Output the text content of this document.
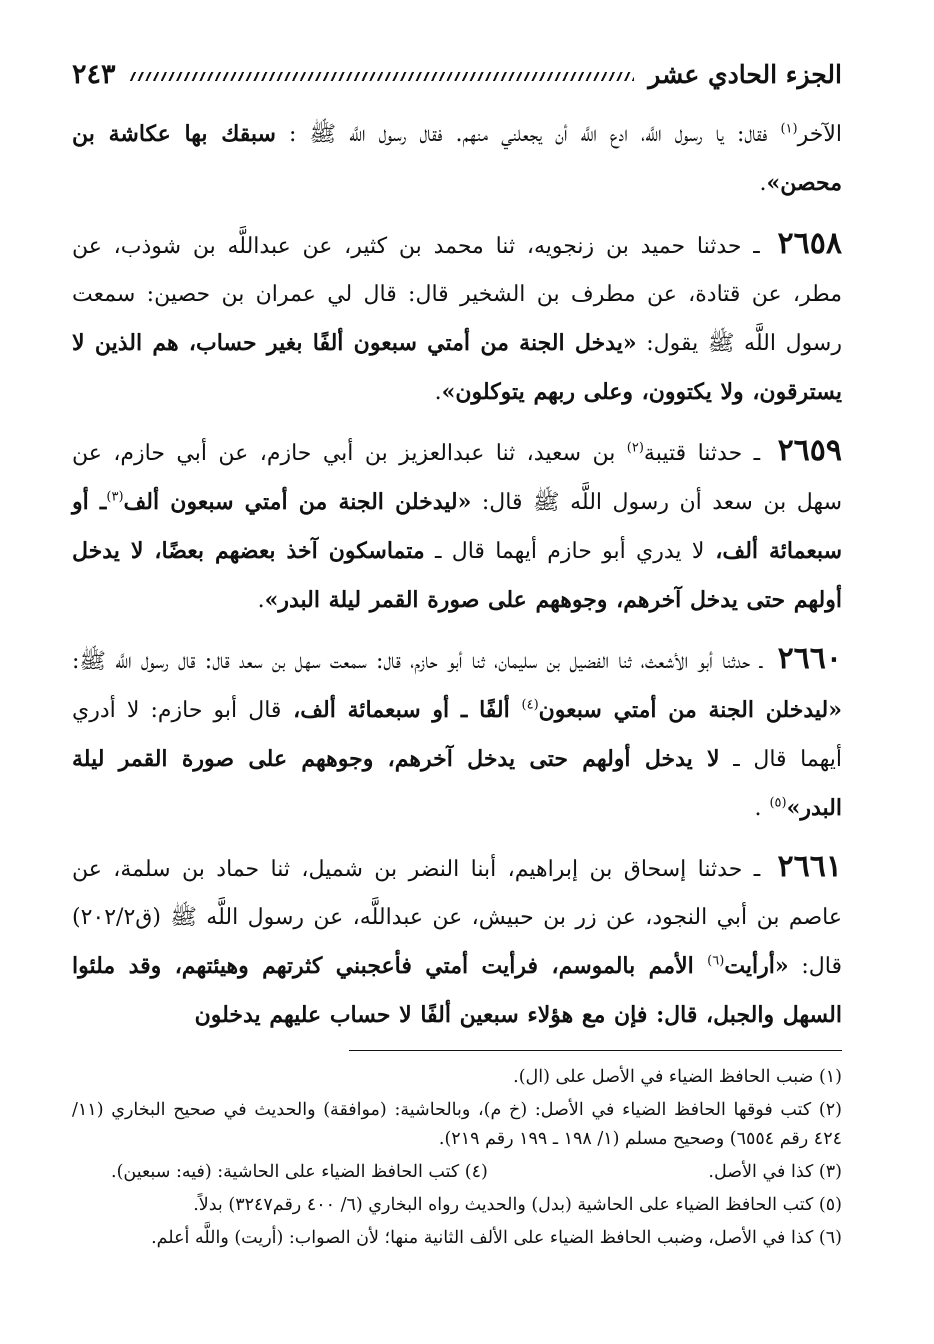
الجزء الحادي عشر
٢٤٣

الآخر$^{(١)}$ فقال: يا رسول اللَّه، ادع اللَّه أن يجعلني منهم. فقال رسول اللَّه ﷺ : سبقك بها عكاشة بن محصن».

٢٦٥٨ ـ حدثنا حميد بن زنجويه، ثنا محمد بن كثير، عن عبداللَّه بن شوذب، عن مطر، عن قتادة، عن مطرف بن الشخير قال: قال لي عمران بن حصين: سمعت رسول اللَّه ﷺ يقول: «يدخل الجنة من أمتي سبعون ألفًا بغير حساب، هم الذين لا يسترقون، ولا يكتوون، وعلى ربهم يتوكلون».

٢٦٥٩ ـ حدثنا قتيبة$^{(٢)}$ بن سعيد، ثنا عبدالعزيز بن أبي حازم، عن أبي حازم، عن سهل بن سعد أن رسول اللَّه ﷺ قال: «ليدخلن الجنة من أمتي سبعون ألف$^{(٣)}$ـ أو سبعمائة ألف، لا يدري أبو حازم أيهما قال ـ متماسكون آخذ بعضهم بعضًا، لا يدخل أولهم حتى يدخل آخرهم، وجوههم على صورة القمر ليلة البدر».

٢٦٦٠ ـ حدثنا أبو الأشعث، ثنا الفضيل بن سليمان، ثنا أبو حازم، قال: سمعت سهل بن سعد قال: قال رسول اللَّه ﷺ: «ليدخلن الجنة من أمتي سبعون$^{(٤)}$ ألفًا ـ أو سبعمائة ألف، قال أبو حازم: لا أدري أيهما قال ـ لا يدخل أولهم حتى يدخل آخرهم، وجوههم على صورة القمر ليلة البدر»$^{(٥)}$ .

٢٦٦١ ـ حدثنا إسحاق بن إبراهيم، أبنا النضر بن شميل، ثنا حماد بن سلمة، عن عاصم بن أبي النجود، عن زر بن حبيش، عن عبداللَّه، عن رسول اللَّه ﷺ (ق٢٠٢/٢) قال: «أرأيت$^{(٦)}$ الأمم بالموسم، فرأيت أمتي فأعجبني كثرتهم وهيئتهم، وقد ملئوا السهل والجبل، قال: فإن مع هؤلاء سبعين ألفًا لا حساب عليهم يدخلون

(١) ضبب الحافظ الضياء في الأصل على (ال).

(٢) كتب فوقها الحافظ الضياء في الأصل: (خ م)، وبالحاشية: (موافقة) والحديث في صحيح البخاري (١١/ ٤٢٤ رقم ٦٥٥٤) وصحيح مسلم (١/ ١٩٨ ـ ١٩٩ رقم ٢١٩).

(٣) كذا في الأصل.
(٤) كتب الحافظ الضياء على الحاشية: (فيه: سبعين).

(٥) كتب الحافظ الضياء على الحاشية (بدل) والحديث رواه البخاري (٦/ ٤٠٠ رقم٣٢٤٧) بدلاً.

(٦) كذا في الأصل، وضبب الحافظ الضياء على الألف الثانية منها؛ لأن الصواب: (أريت) واللَّه أعلم.
